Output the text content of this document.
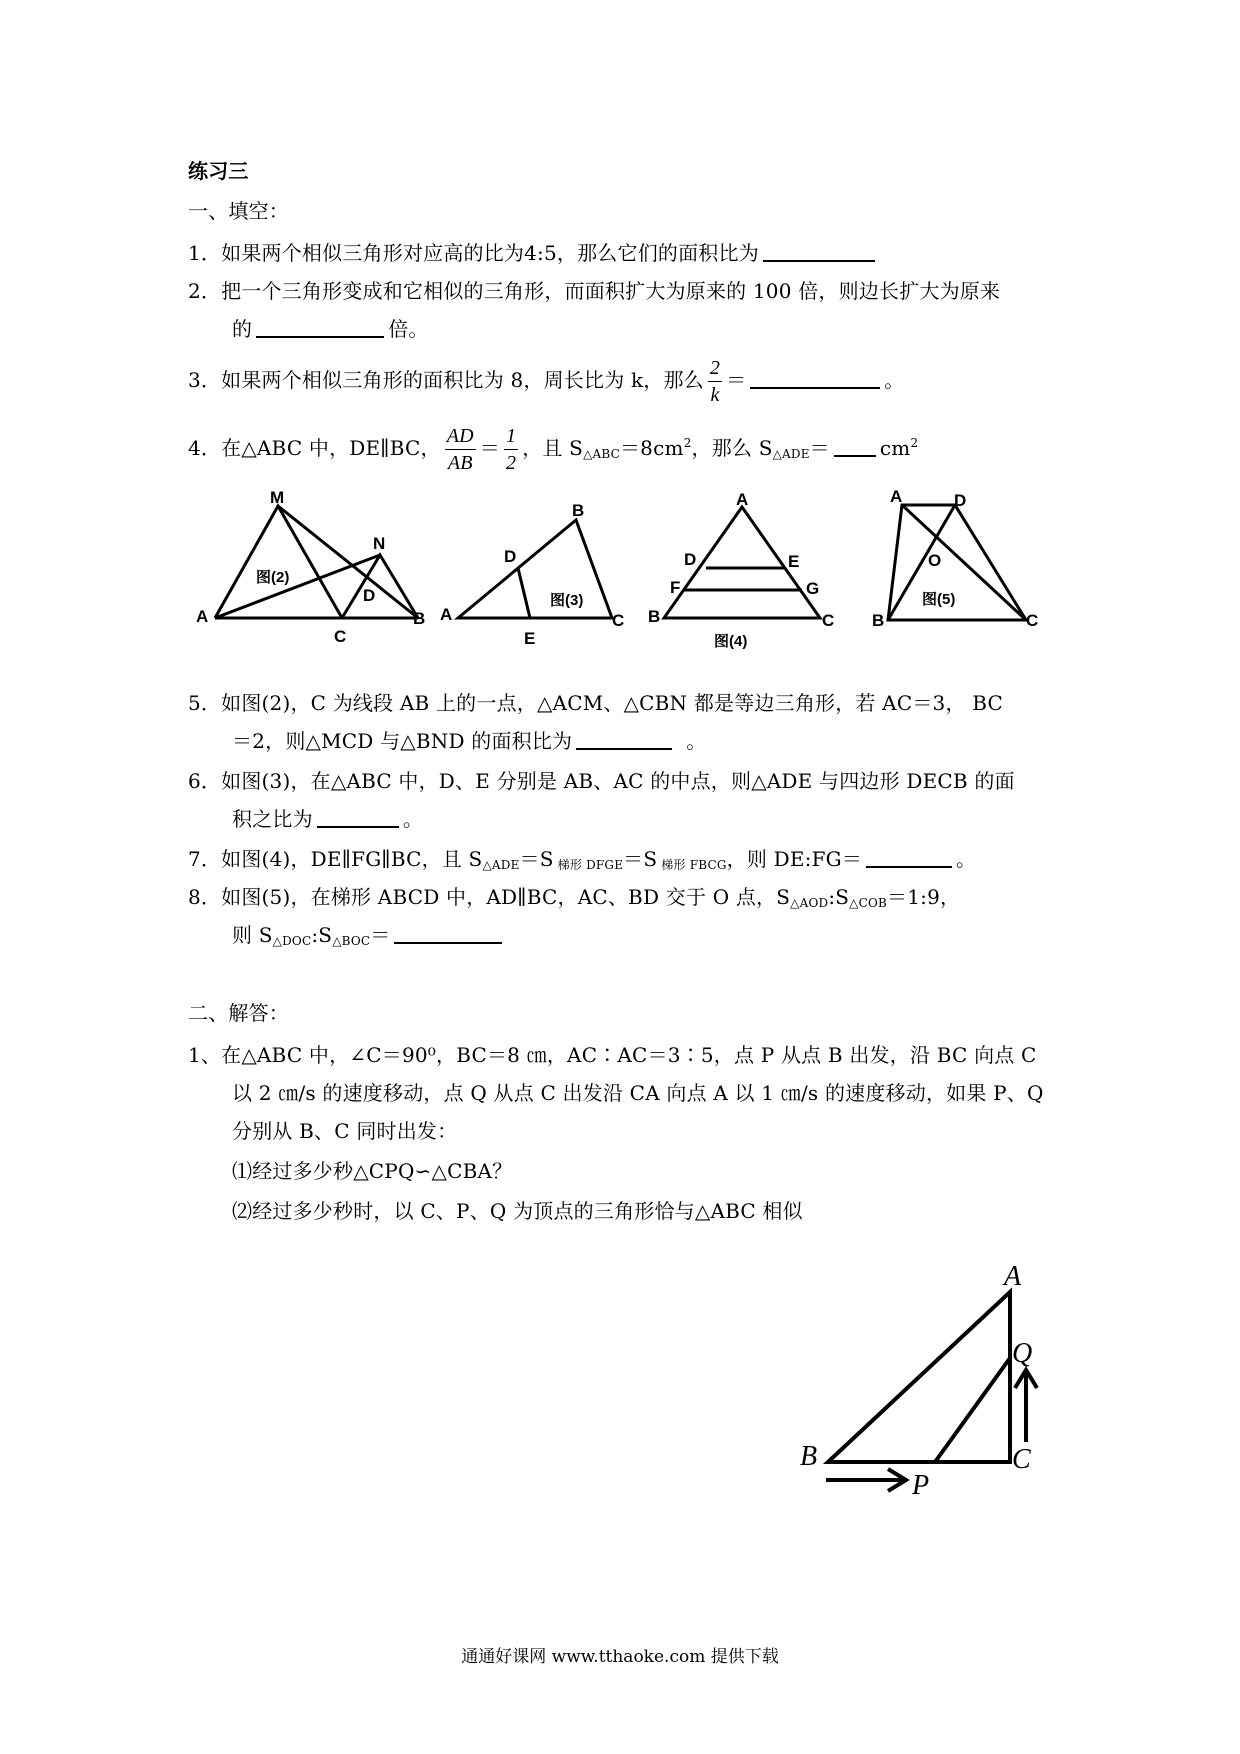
练习三
一、填空：
1．如果两个相似三角形对应高的比为4:5，那么它们的面积比为
2．把一个三角形变成和它相似的三角形，而面积扩大为原来的 100 倍，则边长扩大为原来
的	倍。
3．如果两个相似三角形的面积比为 8，周长比为 k，那么 $\frac{2}{k}$ ＝	。
4．在△ABC 中，DE∥BC， $\frac{AD}{AB} = \frac{1}{2}$ ，且 $S_{\triangle ABC}=8cm^2$，那么 $S_{\triangle ADE}=$	$cm^2$
M
N
A
D
B
C
图(2)
B
D
A	C
E
图(3)
A
D	E
F	G
B	C
图(4)
A	D
O
B	C
图(5)
5．如图(2)，C 为线段 AB 上的一点，△ACM、△CBN 都是等边三角形，若 AC＝3， BC
＝2，则△MCD 与△BND 的面积比为	。
6．如图(3)，在△ABC 中，D、E 分别是 AB、AC 的中点，则△ADE 与四边形 DECB 的面
积之比为	。
7．如图(4)，DE∥FG∥BC，且 $S_{\triangle ADE}=S$ $_{梯形 DFGE}$＝S $_{梯形 FBCG}$，则 DE:FG＝	。
8．如图(5)，在梯形 ABCD 中，AD∥BC，AC、BD 交于 O 点，$S_{\triangle AOD}:S_{\triangle COB}=1:9$，
则 $S_{\triangle DOC}:S_{\triangle BOC}=$
二、解答：
1、在△ABC 中，∠C＝90⁰，BC＝8 ㎝，AC∶AC＝3∶5，点 P 从点 B 出发，沿 BC 向点 C
以 2 ㎝/s 的速度移动，点 Q 从点 C 出发沿 CA 向点 A 以 1 ㎝/s 的速度移动，如果 P、Q
分别从 B、C 同时出发：
⑴经过多少秒△CPQ∽△CBA？
⑵经过多少秒时，以 C、P、Q 为顶点的三角形恰与△ABC 相似
A
Q
B	C
P
通通好课网 www.tthaoke.com 提供下载
